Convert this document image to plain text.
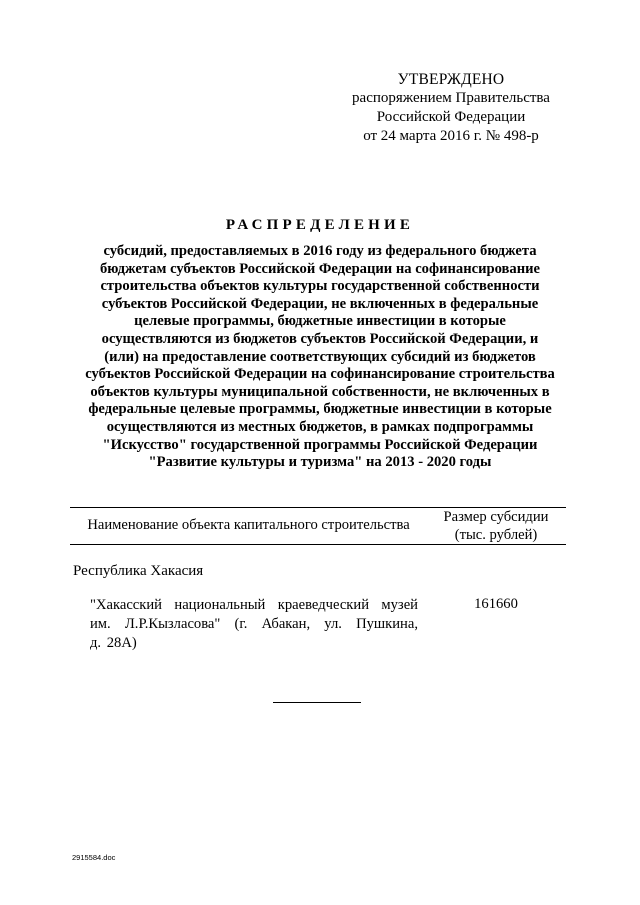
УТВЕРЖДЕНО
распоряжением Правительства
Российской Федерации
от 24 марта 2016 г. № 498-р
РАСПРЕДЕЛЕНИЕ
субсидий, предоставляемых в 2016 году из федерального бюджета
бюджетам субъектов Российской Федерации на софинансирование
строительства объектов культуры государственной собственности
субъектов Российской Федерации, не включенных в федеральные
целевые программы, бюджетные инвестиции в которые
осуществляются из бюджетов субъектов Российской Федерации, и
(или) на предоставление соответствующих субсидий из бюджетов
субъектов Российской Федерации на софинансирование строительства
объектов культуры муниципальной собственности, не включенных в
федеральные целевые программы, бюджетные инвестиции в которые
осуществляются из местных бюджетов, в рамках подпрограммы
"Искусство" государственной программы Российской Федерации
"Развитие культуры и туризма" на 2013 - 2020 годы
Наименование объекта капитального строительства	Размер субсидии
(тыс. рублей)
Республика Хакасия
"Хакасский национальный краеведческий музей
им. Л.Р.Кызласова" (г. Абакан, ул. Пушкина,
д. 28А)
161660
2915584.doc
